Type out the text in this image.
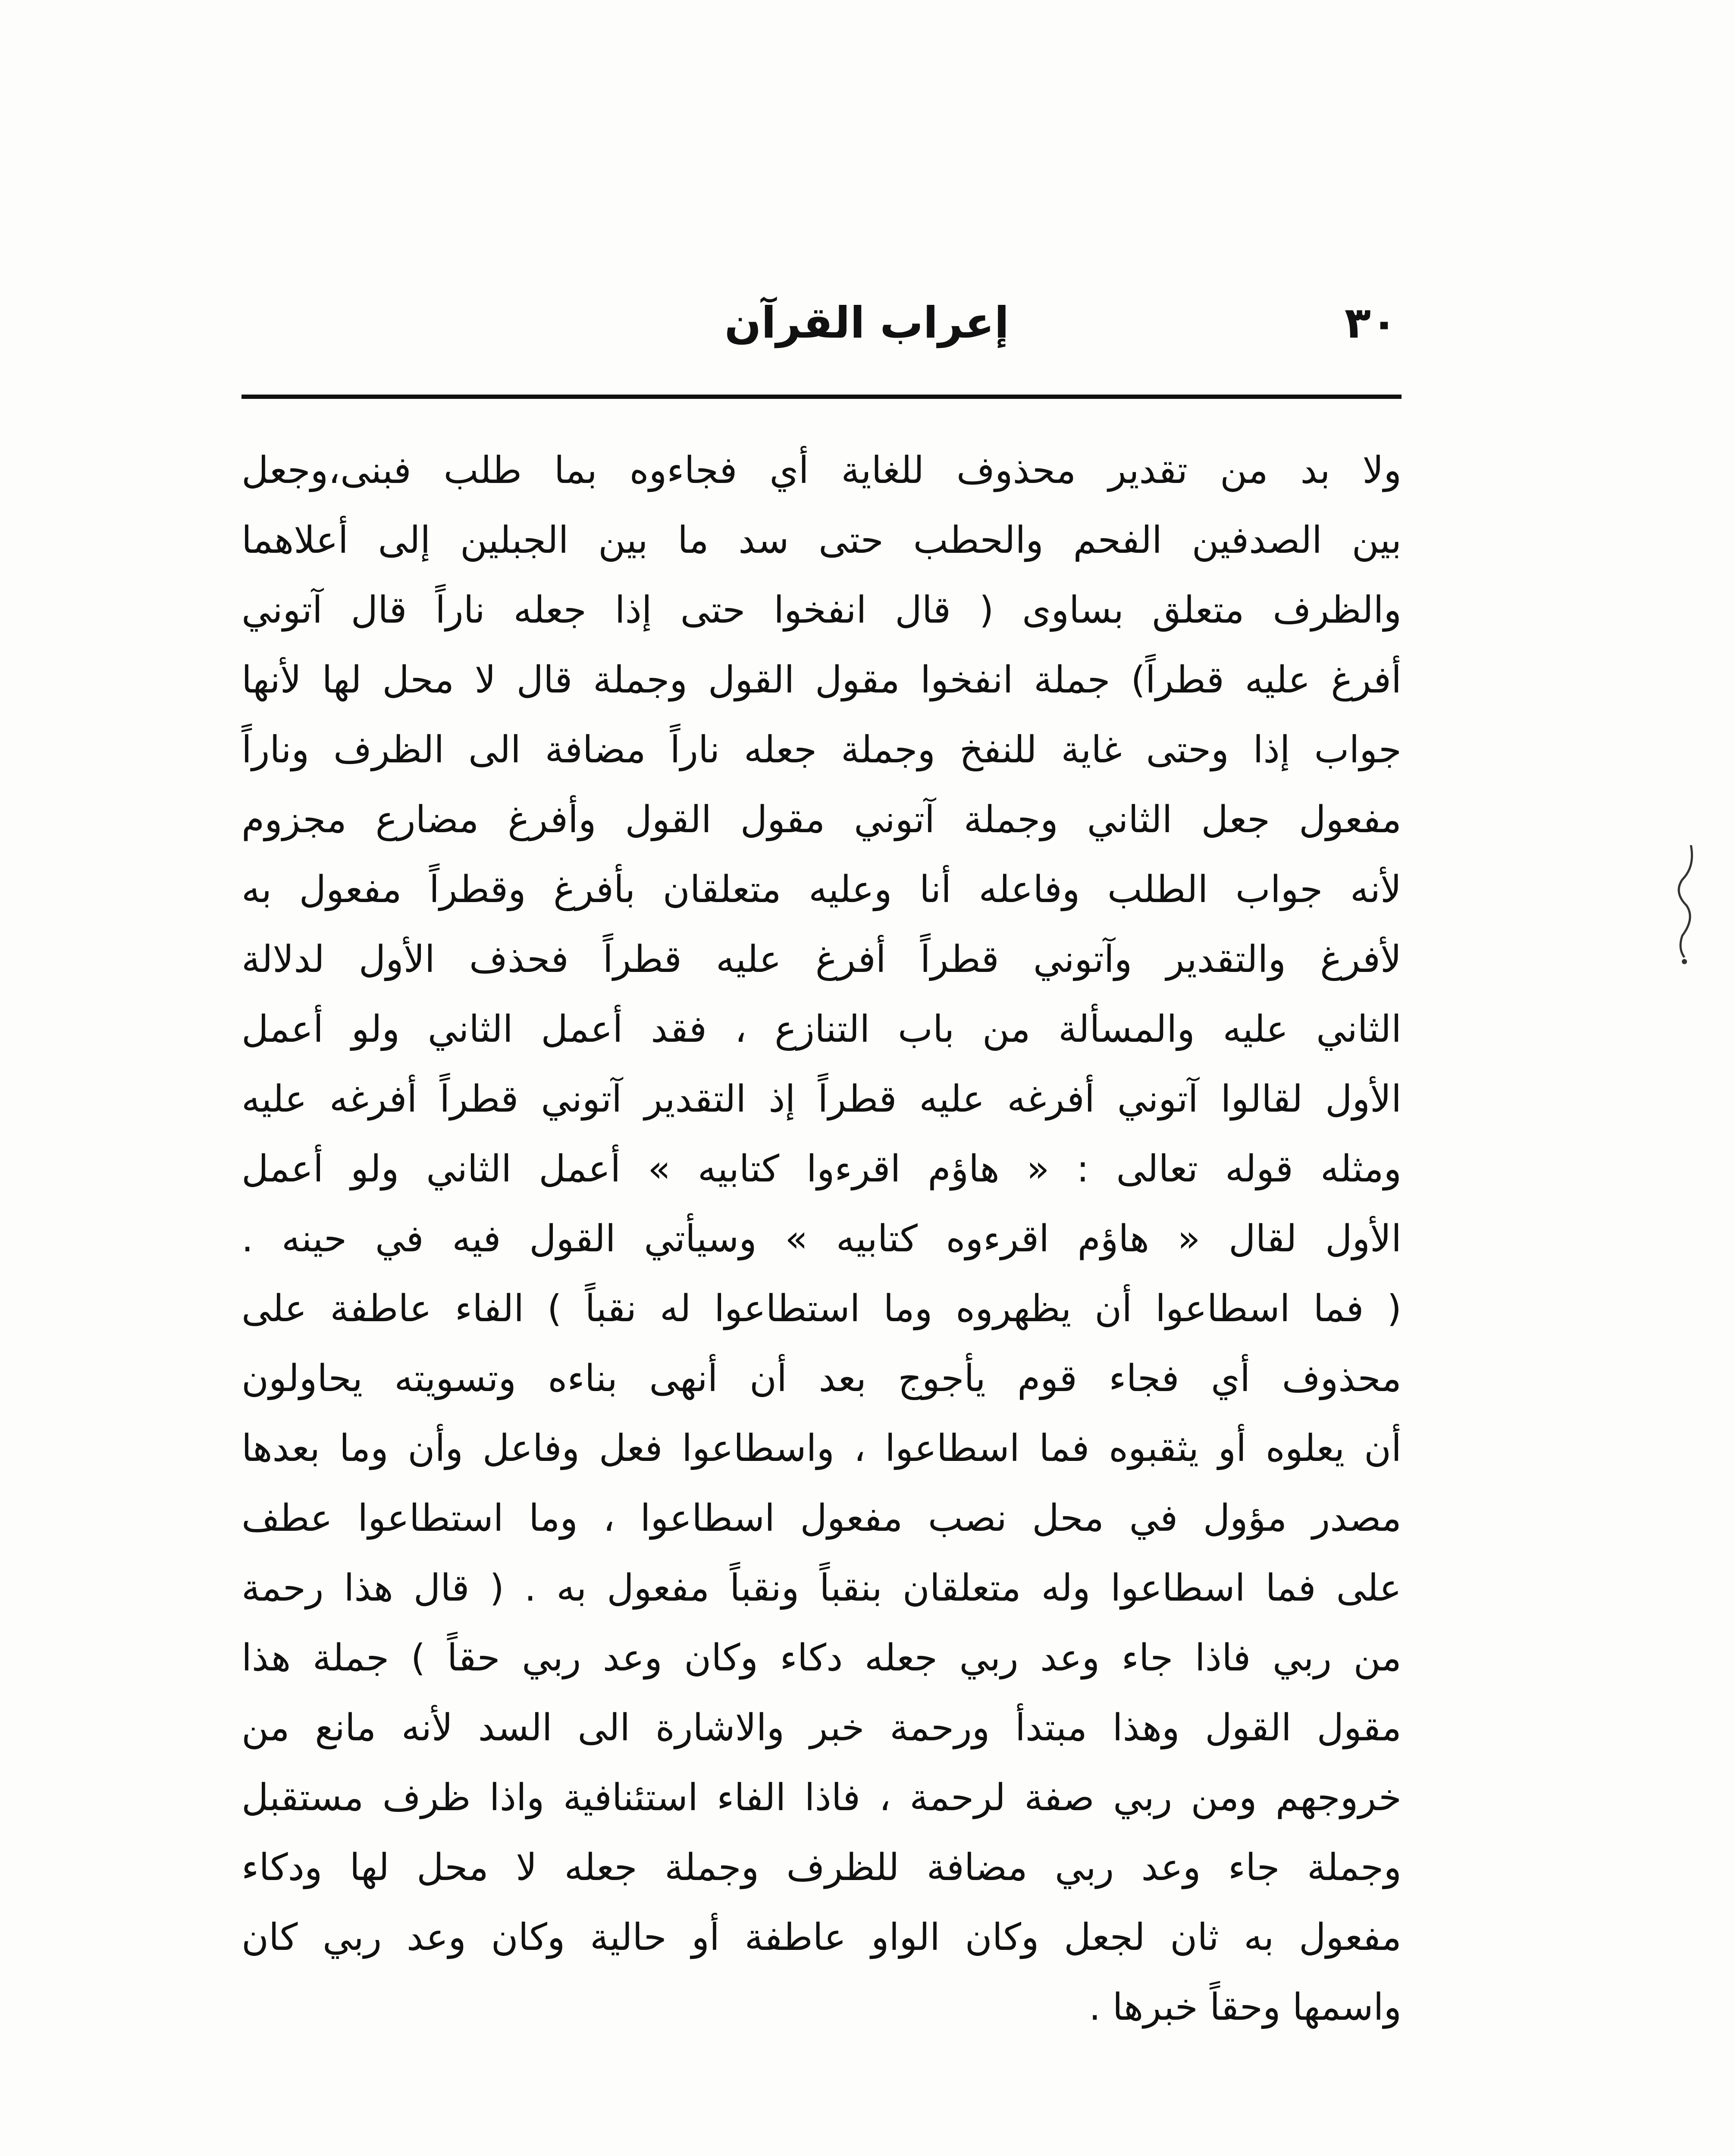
٣٠
إعراب القرآن
ولا بد من تقدير محذوف للغاية أي فجاءوه بما طلب فبنى،وجعل
بين الصدفين الفحم والحطب حتى سد ما بين الجبلين إلى أعلاهما
والظرف متعلق بساوى ( قال انفخوا حتى إذا جعله ناراً قال آتوني
أفرغ عليه قطراً) جملة انفخوا مقول القول وجملة قال لا محل لها لأنها
جواب إذا وحتى غاية للنفخ وجملة جعله ناراً مضافة الى الظرف وناراً
مفعول جعل الثاني وجملة آتوني مقول القول وأفرغ مضارع مجزوم
لأنه جواب الطلب وفاعله أنا وعليه متعلقان بأفرغ وقطراً مفعول به
لأفرغ والتقدير وآتوني قطراً أفرغ عليه قطراً فحذف الأول لدلالة
الثاني عليه والمسألة من باب التنازع ، فقد أعمل الثاني ولو أعمل
الأول لقالوا آتوني أفرغه عليه قطراً إذ التقدير آتوني قطراً أفرغه عليه
ومثله قوله تعالى : « هاؤم اقرءوا كتابيه » أعمل الثاني ولو أعمل
الأول لقال « هاؤم اقرءوه كتابيه » وسيأتي القول فيه في حينه .
( فما اسطاعوا أن يظهروه وما استطاعوا له نقباً ) الفاء عاطفة على
محذوف أي فجاء قوم يأجوج بعد أن أنهى بناءه وتسويته يحاولون
أن يعلوه أو يثقبوه فما اسطاعوا ، واسطاعوا فعل وفاعل وأن وما بعدها
مصدر مؤول في محل نصب مفعول اسطاعوا ، وما استطاعوا عطف
على فما اسطاعوا وله متعلقان بنقباً ونقباً مفعول به . ( قال هذا رحمة
من ربي فاذا جاء وعد ربي جعله دكاء وكان وعد ربي حقاً ) جملة هذا
مقول القول وهذا مبتدأ ورحمة خبر والاشارة الى السد لأنه مانع من
خروجهم ومن ربي صفة لرحمة ، فاذا الفاء استئنافية واذا ظرف مستقبل
وجملة جاء وعد ربي مضافة للظرف وجملة جعله لا محل لها ودكاء
مفعول به ثان لجعل وكان الواو عاطفة أو حالية وكان وعد ربي كان
واسمها وحقاً خبرها .
